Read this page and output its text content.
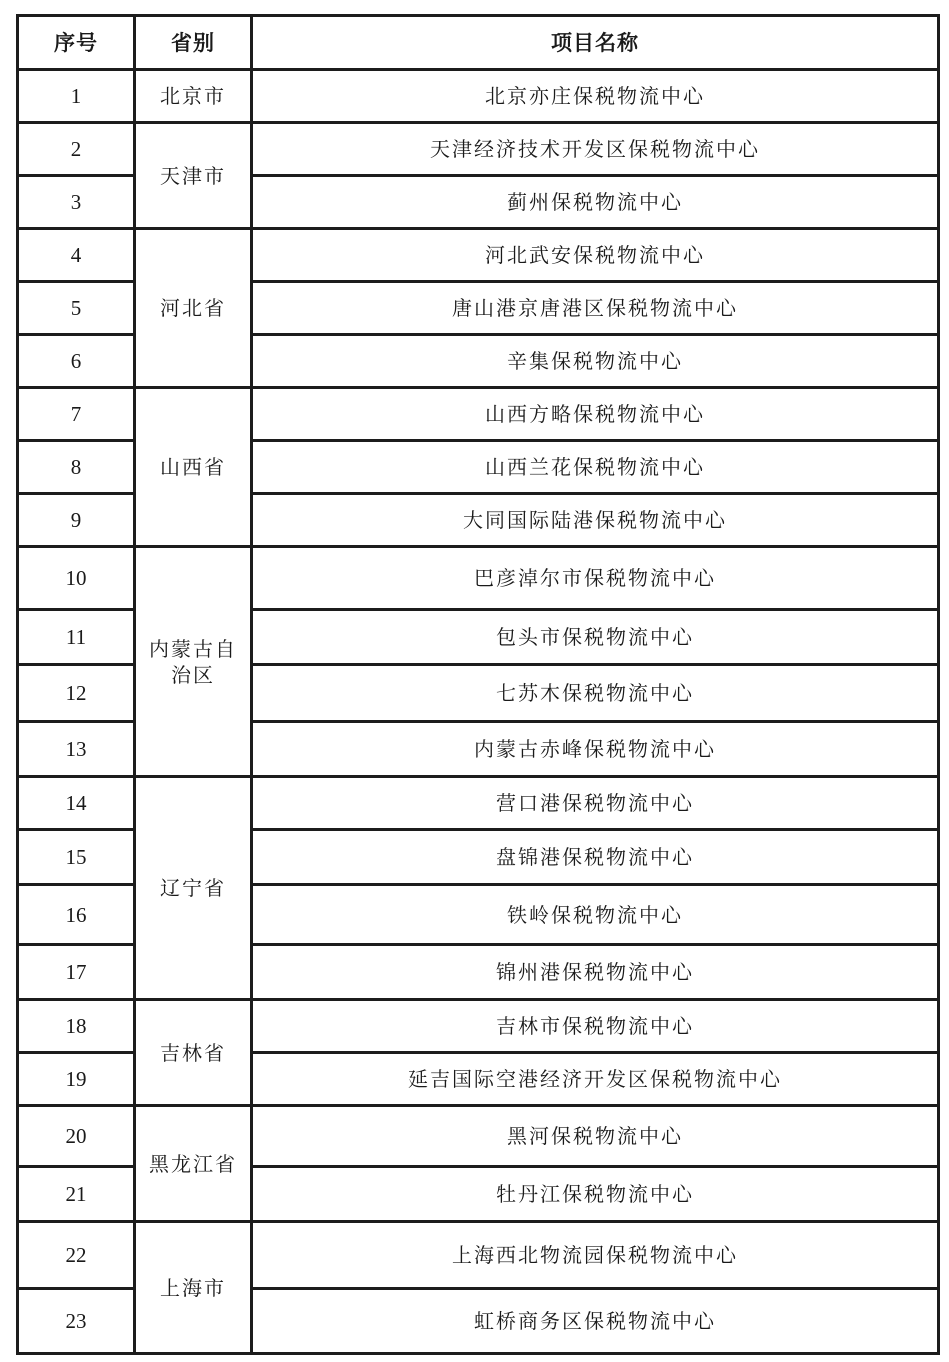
序号	省别	项目名称
1	北京市	北京亦庄保税物流中心
2	天津市	天津经济技术开发区保税物流中心
3		蓟州保税物流中心
4	河北省	河北武安保税物流中心
5		唐山港京唐港区保税物流中心
6		辛集保税物流中心
7	山西省	山西方略保税物流中心
8		山西兰花保税物流中心
9		大同国际陆港保税物流中心
10	内蒙古自治区	巴彦淖尔市保税物流中心
11		包头市保税物流中心
12		七苏木保税物流中心
13		内蒙古赤峰保税物流中心
14	辽宁省	营口港保税物流中心
15		盘锦港保税物流中心
16		铁岭保税物流中心
17		锦州港保税物流中心
18	吉林省	吉林市保税物流中心
19		延吉国际空港经济开发区保税物流中心
20	黑龙江省	黑河保税物流中心
21		牡丹江保税物流中心
22	上海市	上海西北物流园保税物流中心
23		虹桥商务区保税物流中心
